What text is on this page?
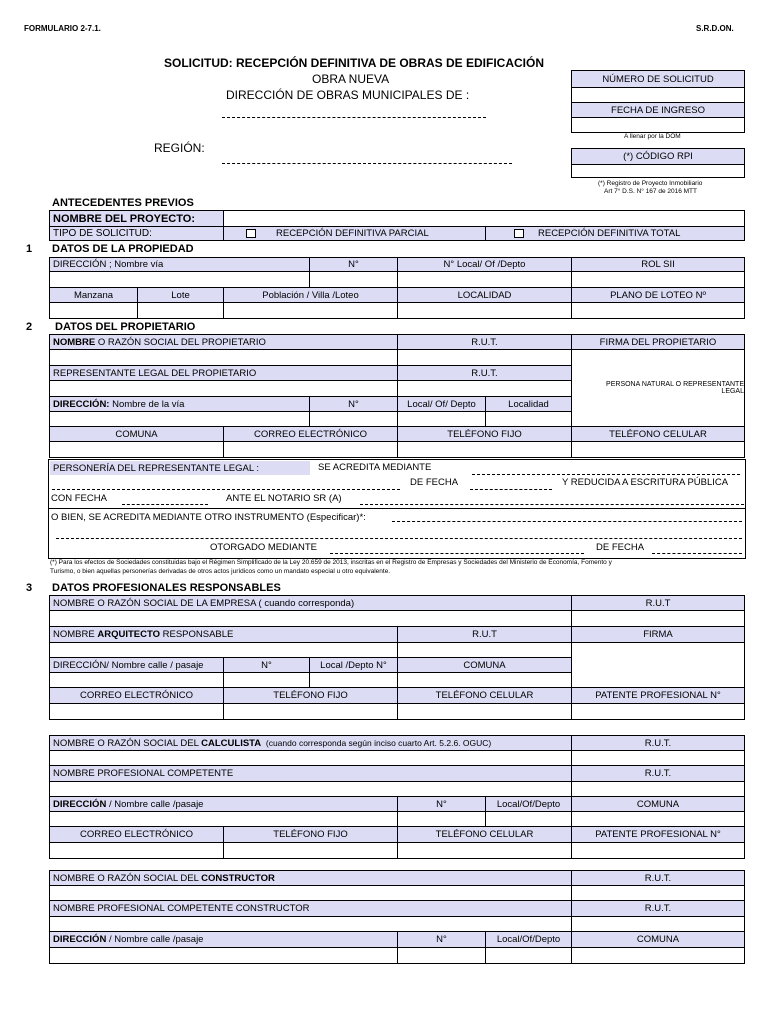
FORMULARIO 2-7.1.	S.R.D.ON.
SOLICITUD: RECEPCIÓN DEFINITIVA DE OBRAS DE EDIFICACIÓN
OBRA NUEVA
DIRECCIÓN DE OBRAS MUNICIPALES DE :
REGIÓN:
NÚMERO DE SOLICITUD
FECHA DE INGRESO
A llenar por la DOM
(*) CÓDIGO RPI
(*) Registro de Proyecto Inmobiliario
Art 7° D.S. N° 167 de 2016 MTT
ANTECEDENTES PREVIOS
NOMBRE DEL PROYECTO:
TIPO DE SOLICITUD:	RECEPCIÓN DEFINITIVA PARCIAL	RECEPCIÓN DEFINITIVA TOTAL
1 DATOS DE LA PROPIEDAD
DIRECCIÓN ; Nombre vía	N°	N° Local/ Of /Depto	ROL SII
Manzana	Lote	Población / Villa /Loteo	LOCALIDAD	PLANO DE LOTEO Nº
2 DATOS DEL PROPIETARIO
NOMBRE O RAZÓN SOCIAL DEL PROPIETARIO	R.U.T.	FIRMA DEL PROPIETARIO
PERSONA NATURAL O REPRESENTANTE
LEGAL
REPRESENTANTE LEGAL DEL PROPIETARIO	R.U.T.
DIRECCIÓN: Nombre de la vía	N°	Local/ Of/ Depto	Localidad
COMUNA	CORREO ELECTRÓNICO	TELÉFONO FIJO	TELÉFONO CELULAR
PERSONERÍA DEL REPRESENTANTE LEGAL :	SE ACREDITA MEDIANTE
DE FECHA	Y REDUCIDA A ESCRITURA PÚBLICA
CON FECHA	ANTE EL NOTARIO SR (A)
O BIEN, SE ACREDITA MEDIANTE OTRO INSTRUMENTO (Especificar)*:
OTORGADO MEDIANTE	DE FECHA
(*) Para los efectos de Sociedades constituidas bajo el Régimen Simplificado de la Ley 20.659 de 2013, inscritas en el Registro de Empresas y Sociedades del Ministerio de Economía, Fomento y
Turismo, o bien aquellas personerías derivadas de otros actos jurídicos como un mandato especial u otro equivalente.
3 DATOS PROFESIONALES RESPONSABLES
NOMBRE O RAZÓN SOCIAL DE LA EMPRESA ( cuando corresponda)	R.U.T
NOMBRE ARQUITECTO RESPONSABLE	R.U.T	FIRMA
DIRECCIÓN/ Nombre calle / pasaje	N°	Local /Depto N°	COMUNA
CORREO ELECTRÓNICO	TELÉFONO FIJO	TELÉFONO CELULAR	PATENTE PROFESIONAL N°
NOMBRE O RAZÓN SOCIAL DEL CALCULISTA (cuando corresponda según inciso cuarto Art. 5.2.6. OGUC)	R.U.T.
NOMBRE PROFESIONAL COMPETENTE	R.U.T.
DIRECCIÓN / Nombre calle /pasaje	N°	Local/Of/Depto	COMUNA
CORREO ELECTRÓNICO	TELÉFONO FIJO	TELÉFONO CELULAR	PATENTE PROFESIONAL N°
NOMBRE O RAZÓN SOCIAL DEL CONSTRUCTOR	R.U.T.
NOMBRE PROFESIONAL COMPETENTE CONSTRUCTOR	R.U.T.
DIRECCIÓN / Nombre calle /pasaje	N°	Local/Of/Depto	COMUNA
